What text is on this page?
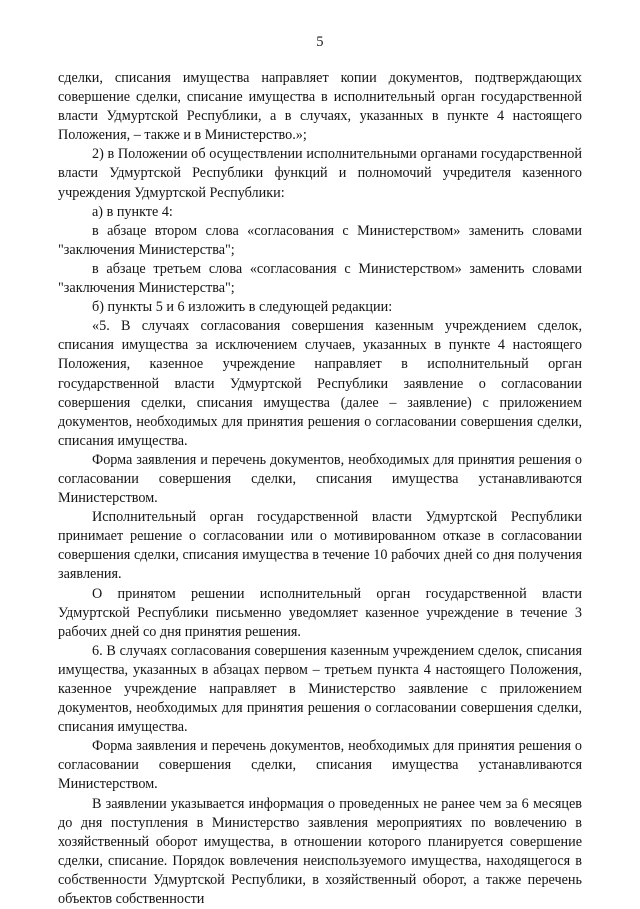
5

сделки, списания имущества направляет копии документов, подтверждающих совершение сделки, списание имущества в исполнительный орган государственной власти Удмуртской Республики, а в случаях, указанных в пункте 4 настоящего Положения, – также и в Министерство.»;

2) в Положении об осуществлении исполнительными органами государственной власти Удмуртской Республики функций и полномочий учредителя казенного учреждения Удмуртской Республики:

а) в пункте 4:

в абзаце втором слова «согласования с Министерством» заменить словами "заключения Министерства";

в абзаце третьем слова «согласования с Министерством» заменить словами "заключения Министерства";

б) пункты 5 и 6 изложить в следующей редакции:

«5. В случаях согласования совершения казенным учреждением сделок, списания имущества за исключением случаев, указанных в пункте 4 настоящего Положения, казенное учреждение направляет в исполнительный орган государственной власти Удмуртской Республики заявление о согласовании совершения сделки, списания имущества (далее – заявление) с приложением документов, необходимых для принятия решения о согласовании совершения сделки, списания имущества.

Форма заявления и перечень документов, необходимых для принятия решения о согласовании совершения сделки, списания имущества устанавливаются Министерством.

Исполнительный орган государственной власти Удмуртской Республики принимает решение о согласовании или о мотивированном отказе в согласовании совершения сделки, списания имущества в течение 10 рабочих дней со дня получения заявления.

О принятом решении исполнительный орган государственной власти Удмуртской Республики письменно уведомляет казенное учреждение в течение 3 рабочих дней со дня принятия решения.

6. В случаях согласования совершения казенным учреждением сделок, списания имущества, указанных в абзацах первом – третьем пункта 4 настоящего Положения, казенное учреждение направляет в Министерство заявление с приложением документов, необходимых для принятия решения о согласовании совершения сделки, списания имущества.

Форма заявления и перечень документов, необходимых для принятия решения о согласовании совершения сделки, списания имущества устанавливаются Министерством.

В заявлении указывается информация о проведенных не ранее чем за 6 месяцев до дня поступления в Министерство заявления мероприятиях по вовлечению в хозяйственный оборот имущества, в отношении которого планируется совершение сделки, списание. Порядок вовлечения неиспользуемого имущества, находящегося в собственности Удмуртской Республики, в хозяйственный оборот, а также перечень объектов собственности
